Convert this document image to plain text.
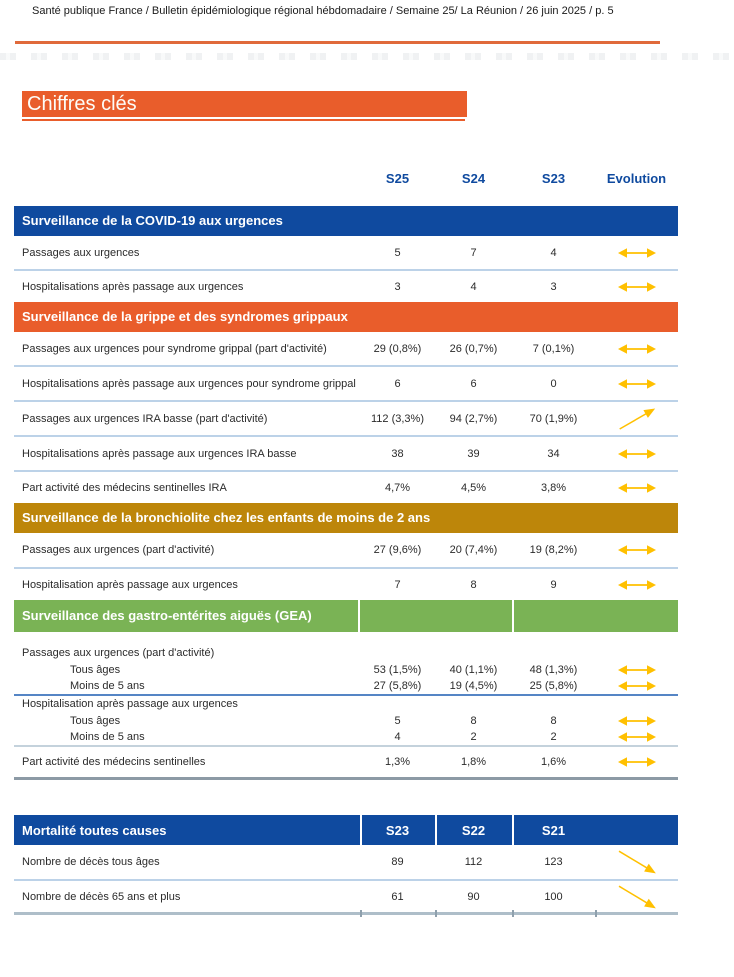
Santé publique France / Bulletin épidémiologique régional hébdomadaire / Semaine 25/ La Réunion / 26 juin 2025 / p. 5
Chiffres clés
S25	S24	S23	Evolution
Surveillance de la COVID-19 aux urgences
Passages aux urgences	5	7	4
Hospitalisations après passage aux urgences	3	4	3
Surveillance de la grippe et des syndromes grippaux
Passages aux urgences pour syndrome grippal (part d'activité)	29 (0,8%)	26 (0,7%)	7 (0,1%)
Hospitalisations après passage aux urgences pour syndrome grippal	6	6	0
Passages aux urgences IRA basse (part d'activité)	112 (3,3%)	94 (2,7%)	70 (1,9%)
Hospitalisations après passage aux urgences IRA basse	38	39	34
Part activité des médecins sentinelles IRA	4,7%	4,5%	3,8%
Surveillance de la bronchiolite chez les enfants de moins de 2 ans
Passages aux urgences (part d'activité)	27 (9,6%)	20 (7,4%)	19 (8,2%)
Hospitalisation après passage aux urgences	7	8	9
Surveillance des gastro-entérites aiguës (GEA)
Passages aux urgences (part d'activité)
Tous âges	53 (1,5%)	40 (1,1%)	48 (1,3%)
Moins de 5 ans	27 (5,8%)	19 (4,5%)	25 (5,8%)
Hospitalisation après passage aux urgences
Tous âges	5	8	8
Moins de 5 ans	4	2	2
Part activité des médecins sentinelles	1,3%	1,8%	1,6%
Mortalité toutes causes	S23	S22	S21
Nombre de décès tous âges	89	112	123
Nombre de décès 65 ans et plus	61	90	100
